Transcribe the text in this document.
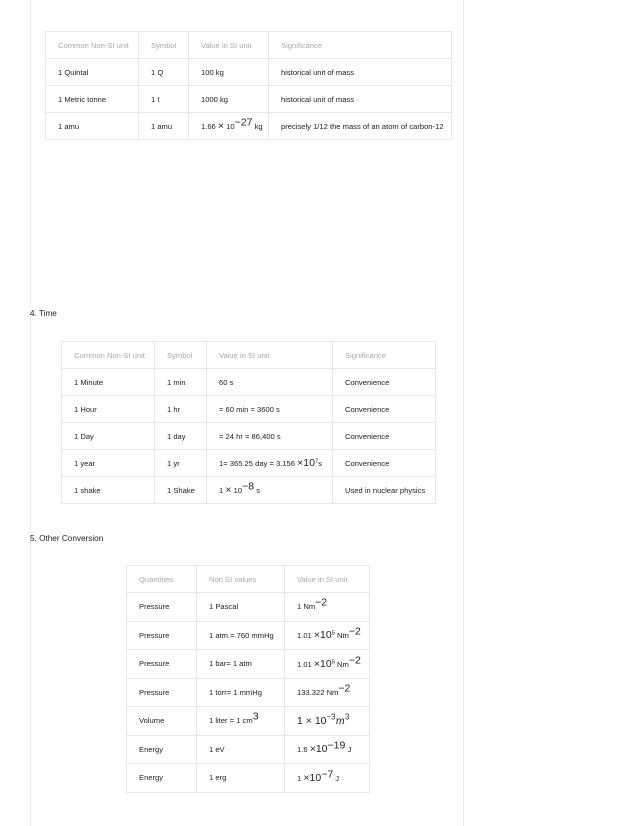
Common Non-SI unit	Symbol	Value in SI unit	Significance
1 Quintal	1 Q	100 kg	historical unit of mass
1 Metric tonne	1 t	1000 kg	historical unit of mass
1 amu	1 amu	$1.66 \times 10^{-27}$ kg	precisely 1/12 the mass of an atom of carbon-12

4. Time

Common Non-SI unit	Symbol	Value in SI unit	Significance
1 Minute	1 min	60 s	Convenience
1 Hour	1 hr	= 60 min = 3600 s	Convenience
1 Day	1 day	= 24 hr = 86,400 s	Convenience
1 year	1 yr	1= 365.25 day = $3.156 \times 10^7s$	Convenience
1 shake	1 Shake	$1 \times 10^{-8}$ s	Used in nuclear physics

5. Other Conversion

Quantities	Non SI values	Value in SI unit
Pressure	1 Pascal	1 $Nm^{-2}$
Pressure	1 atm = 760 mmHg	$1.01 \times 10^5$ $Nm^{-2}$
Pressure	1 bar= 1 atm	$1.01 \times 10^5$ $Nm^{-2}$
Pressure	1 torr= 1 mmHg	133.322 $Nm^{-2}$
Volume	1 liter = 1 $cm^3$	$1 \times 10^{-3}m^3$
Energy	1 eV	$1.6 \times 10^{-19}$ J
Energy	1 erg	$1 \times 10^{-7}$ J
